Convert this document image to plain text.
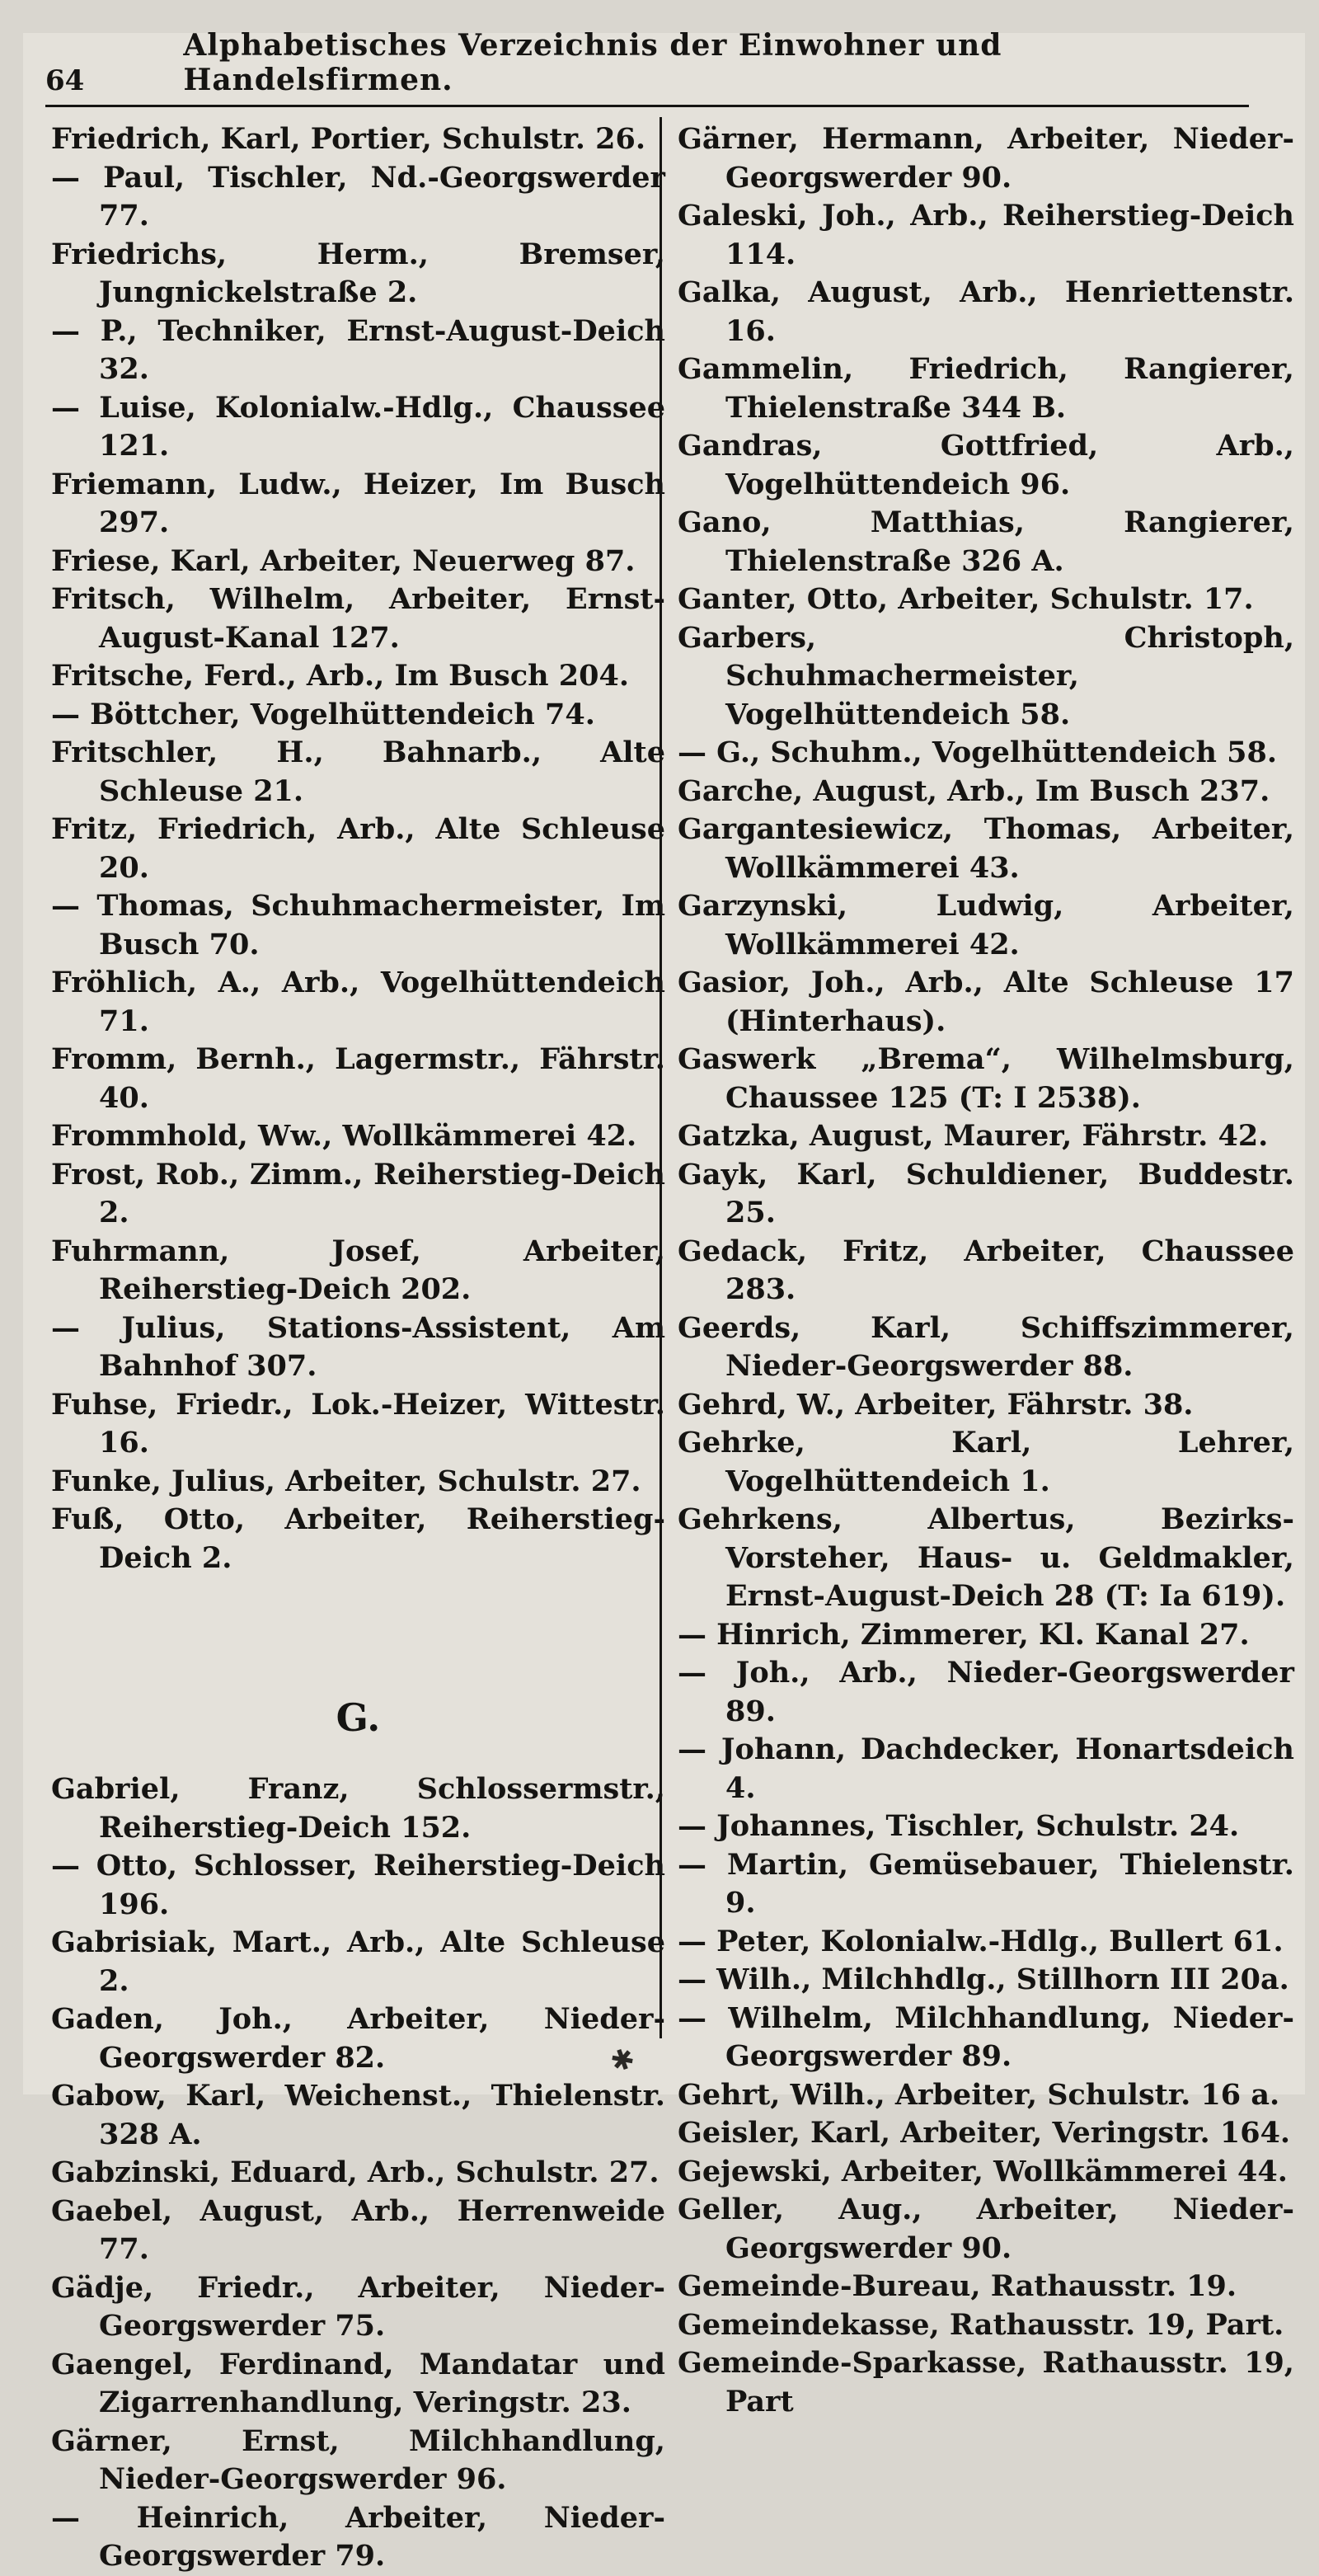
64
Alphabetisches Verzeichnis der Einwohner und Handelsfirmen.

Friedrich, Karl, Portier, Schulstr. 26.

— Paul, Tischler, Nd.-Georgswerder 77.

Friedrichs, Herm., Bremser, Jungnickelstraße 2.

— P., Techniker, Ernst-August-Deich 32.

— Luise, Kolonialw.-Hdlg., Chaussee 121.

Friemann, Ludw., Heizer, Im Busch 297.

Friese, Karl, Arbeiter, Neuerweg 87.

Fritsch, Wilhelm, Arbeiter, Ernst-August-Kanal 127.

Fritsche, Ferd., Arb., Im Busch 204.

— Böttcher, Vogelhüttendeich 74.

Fritschler, H., Bahnarb., Alte Schleuse 21.

Fritz, Friedrich, Arb., Alte Schleuse 20.

— Thomas, Schuhmachermeister, Im Busch 70.

Fröhlich, A., Arb., Vogelhüttendeich 71.

Fromm, Bernh., Lagermstr., Fährstr. 40.

Frommhold, Ww., Wollkämmerei 42.

Frost, Rob., Zimm., Reiherstieg-Deich 2.

Fuhrmann, Josef, Arbeiter, Reiherstieg-Deich 202.

— Julius, Stations-Assistent, Am Bahnhof 307.

Fuhse, Friedr., Lok.-Heizer, Wittestr. 16.

Funke, Julius, Arbeiter, Schulstr. 27.

Fuß, Otto, Arbeiter, Reiherstieg-Deich 2.

G.

Gabriel, Franz, Schlossermstr., Reiherstieg-Deich 152.

— Otto, Schlosser, Reiherstieg-Deich 196.

Gabrisiak, Mart., Arb., Alte Schleuse 2.

Gaden, Joh., Arbeiter, Nieder-Georgswerder 82.

Gabow, Karl, Weichenst., Thielenstr. 328 A.

Gabzinski, Eduard, Arb., Schulstr. 27.

Gaebel, August, Arb., Herrenweide 77.

Gädje, Friedr., Arbeiter, Nieder-Georgswerder 75.

Gaengel, Ferdinand, Mandatar und Zigarrenhandlung, Veringstr. 23.

Gärner, Ernst, Milchhandlung, Nieder-Georgswerder 96.

— Heinrich, Arbeiter, Nieder-Georgswerder 79.

Gärner, Hermann, Arbeiter, Nieder-Georgswerder 90.

Galeski, Joh., Arb., Reiherstieg-Deich 114.

Galka, August, Arb., Henriettenstr. 16.

Gammelin, Friedrich, Rangierer, Thielenstraße 344 B.

Gandras, Gottfried, Arb., Vogelhüttendeich 96.

Gano, Matthias, Rangierer, Thielenstraße 326 A.

Ganter, Otto, Arbeiter, Schulstr. 17.

Garbers, Christoph, Schuhmachermeister, Vogelhüttendeich 58.

— G., Schuhm., Vogelhüttendeich 58.

Garche, August, Arb., Im Busch 237.

Gargantesiewicz, Thomas, Arbeiter, Wollkämmerei 43.

Garzynski, Ludwig, Arbeiter, Wollkämmerei 42.

Gasior, Joh., Arb., Alte Schleuse 17 (Hinterhaus).

Gaswerk „Brema“, Wilhelmsburg, Chaussee 125 (T: I 2538).

Gatzka, August, Maurer, Fährstr. 42.

Gayk, Karl, Schuldiener, Buddestr. 25.

Gedack, Fritz, Arbeiter, Chaussee 283.

Geerds, Karl, Schiffszimmerer, Nieder-Georgswerder 88.

Gehrd, W., Arbeiter, Fährstr. 38.

Gehrke, Karl, Lehrer, Vogelhüttendeich 1.

Gehrkens, Albertus, Bezirks-Vorsteher, Haus- u. Geldmakler, Ernst-August-Deich 28 (T: Ia 619).

— Hinrich, Zimmerer, Kl. Kanal 27.

— Joh., Arb., Nieder-Georgswerder 89.

— Johann, Dachdecker, Honartsdeich 4.

— Johannes, Tischler, Schulstr. 24.

— Martin, Gemüsebauer, Thielenstr. 9.

— Peter, Kolonialw.-Hdlg., Bullert 61.

— Wilh., Milchhdlg., Stillhorn III 20a.

— Wilhelm, Milchhandlung, Nieder-Georgswerder 89.

Gehrt, Wilh., Arbeiter, Schulstr. 16 a.

Geisler, Karl, Arbeiter, Veringstr. 164.

Gejewski, Arbeiter, Wollkämmerei 44.

Geller, Aug., Arbeiter, Nieder-Georgswerder 90.

Gemeinde-Bureau, Rathausstr. 19.

Gemeindekasse, Rathausstr. 19, Part.

Gemeinde-Sparkasse, Rathausstr. 19, Part

✱
